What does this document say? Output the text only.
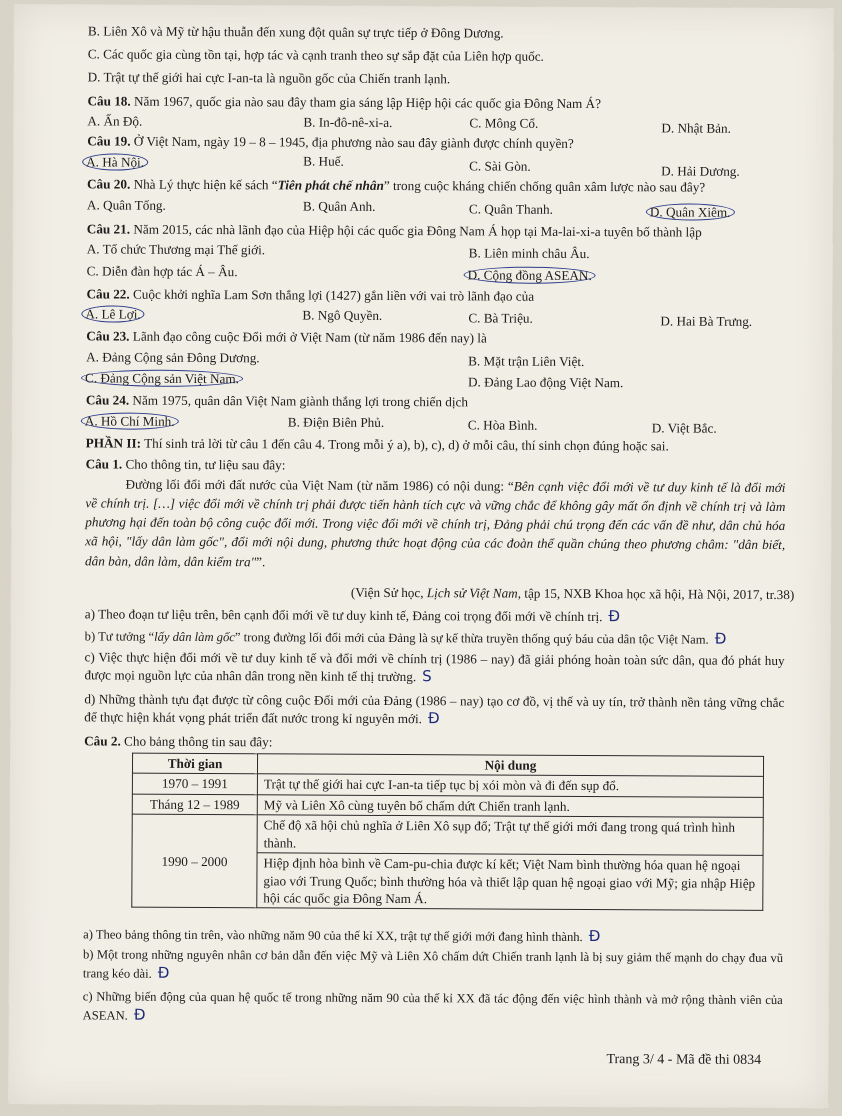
B. Liên Xô và Mỹ từ hậu thuẫn đến xung đột quân sự trực tiếp ở Đông Dương.
C. Các quốc gia cùng tồn tại, hợp tác và cạnh tranh theo sự sắp đặt của Liên hợp quốc.
D. Trật tự thế giới hai cực I-an-ta là nguồn gốc của Chiến tranh lạnh.
Câu 18. Năm 1967, quốc gia nào sau đây tham gia sáng lập Hiệp hội các quốc gia Đông Nam Á?
A. Ấn Độ.	B. In-đô-nê-xi-a.	C. Mông Cổ.	D. Nhật Bản.
Câu 19. Ở Việt Nam, ngày 19 – 8 – 1945, địa phương nào sau đây giành được chính quyền?
A. Hà Nội.	B. Huế.	C. Sài Gòn.	D. Hải Dương.
Câu 20. Nhà Lý thực hiện kế sách “Tiên phát chế nhân” trong cuộc kháng chiến chống quân xâm lược nào sau đây?
A. Quân Tống.	B. Quân Anh.	C. Quân Thanh.	D. Quân Xiêm.
Câu 21. Năm 2015, các nhà lãnh đạo của Hiệp hội các quốc gia Đông Nam Á họp tại Ma-lai-xi-a tuyên bố thành lập
A. Tổ chức Thương mại Thế giới.	B. Liên minh châu Âu.
C. Diễn đàn hợp tác Á – Âu.	D. Cộng đồng ASEAN.
Câu 22. Cuộc khởi nghĩa Lam Sơn thắng lợi (1427) gắn liền với vai trò lãnh đạo của
A. Lê Lợi.	B. Ngô Quyền.	C. Bà Triệu.	D. Hai Bà Trưng.
Câu 23. Lãnh đạo công cuộc Đổi mới ở Việt Nam (từ năm 1986 đến nay) là
A. Đảng Cộng sản Đông Dương.	B. Mặt trận Liên Việt.
C. Đảng Cộng sản Việt Nam.	D. Đảng Lao động Việt Nam.
Câu 24. Năm 1975, quân dân Việt Nam giành thắng lợi trong chiến dịch
A. Hồ Chí Minh.	B. Điện Biên Phủ.	C. Hòa Bình.	D. Việt Bắc.
PHẦN II: Thí sinh trả lời từ câu 1 đến câu 4. Trong mỗi ý a), b), c), d) ở mỗi câu, thí sinh chọn đúng hoặc sai.
Câu 1. Cho thông tin, tư liệu sau đây:
Đường lối đổi mới đất nước của Việt Nam (từ năm 1986) có nội dung: “Bên cạnh việc đổi mới về tư duy kinh tế là đổi mới về chính trị. […] việc đổi mới về chính trị phải được tiến hành tích cực và vững chắc để không gây mất ổn định về chính trị và làm phương hại đến toàn bộ công cuộc đổi mới. Trong việc đổi mới về chính trị, Đảng phải chú trọng đến các vấn đề như, dân chủ hóa xã hội, "lấy dân làm gốc", đổi mới nội dung, phương thức hoạt động của các đoàn thể quần chúng theo phương châm: "dân biết, dân bàn, dân làm, dân kiểm tra"”.
(Viện Sử học, Lịch sử Việt Nam, tập 15, NXB Khoa học xã hội, Hà Nội, 2017, tr.38)
a) Theo đoạn tư liệu trên, bên cạnh đổi mới về tư duy kinh tế, Đảng coi trọng đổi mới về chính trị. Đ
b) Tư tưởng “lấy dân làm gốc” trong đường lối đổi mới của Đảng là sự kế thừa truyền thống quý báu của dân tộc Việt Nam. Đ
c) Việc thực hiện đổi mới về tư duy kinh tế và đổi mới về chính trị (1986 – nay) đã giải phóng hoàn toàn sức dân, qua đó phát huy được mọi nguồn lực của nhân dân trong nền kinh tế thị trường. S
d) Những thành tựu đạt được từ công cuộc Đổi mới của Đảng (1986 – nay) tạo cơ đồ, vị thế và uy tín, trở thành nền tảng vững chắc để thực hiện khát vọng phát triển đất nước trong kỉ nguyên mới. Đ
Câu 2. Cho bảng thông tin sau đây:
Thời gian	Nội dung
1970 – 1991	Trật tự thế giới hai cực I-an-ta tiếp tục bị xói mòn và đi đến sụp đổ.
Tháng 12 – 1989	Mỹ và Liên Xô cùng tuyên bố chấm dứt Chiến tranh lạnh.
1990 – 2000	Chế độ xã hội chủ nghĩa ở Liên Xô sụp đổ; Trật tự thế giới mới đang trong quá trình hình thành.
	Hiệp định hòa bình về Cam-pu-chia được kí kết; Việt Nam bình thường hóa quan hệ ngoại giao với Trung Quốc; bình thường hóa và thiết lập quan hệ ngoại giao với Mỹ; gia nhập Hiệp hội các quốc gia Đông Nam Á.
a) Theo bảng thông tin trên, vào những năm 90 của thế kỉ XX, trật tự thế giới mới đang hình thành. Đ
b) Một trong những nguyên nhân cơ bản dẫn đến việc Mỹ và Liên Xô chấm dứt Chiến tranh lạnh là bị suy giảm thế mạnh do chạy đua vũ trang kéo dài. Đ
c) Những biến động của quan hệ quốc tế trong những năm 90 của thế kỉ XX đã tác động đến việc hình thành và mở rộng thành viên của ASEAN. Đ
Trang 3/ 4 - Mã đề thi 0834
